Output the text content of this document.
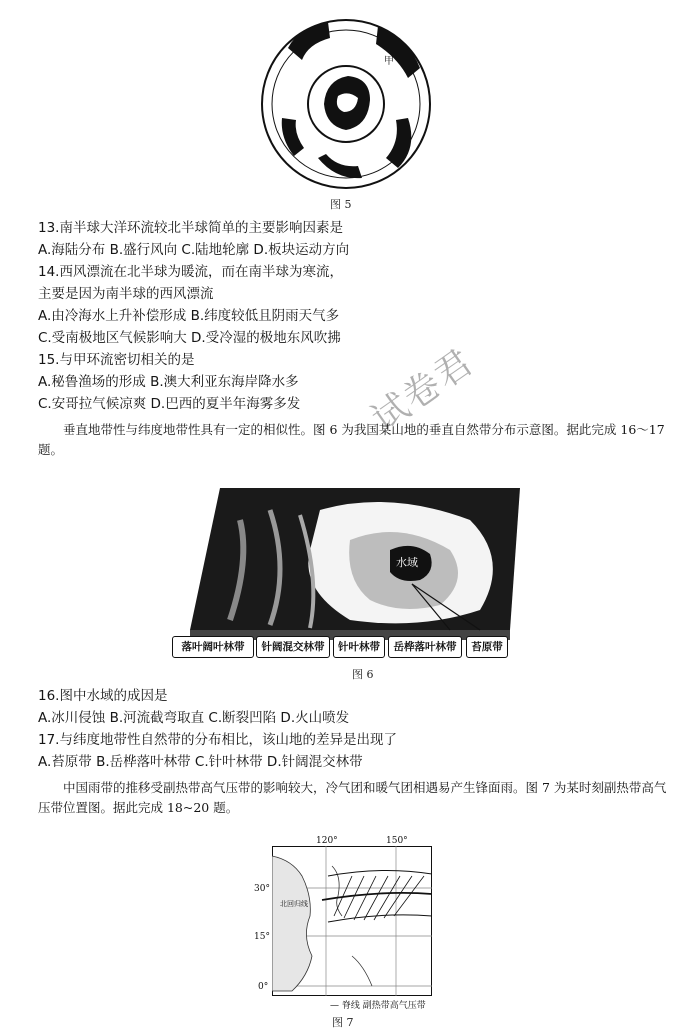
甲
图 5
13.南半球大洋环流较北半球简单的主要影响因素是
A.海陆分布 B.盛行风向 C.陆地轮廓 D.板块运动方向
14.西风漂流在北半球为暖流，而在南半球为寒流，
主要是因为南半球的西风漂流
A.由冷海水上升补偿形成 B.纬度较低且阴雨天气多
C.受南极地区气候影响大 D.受冷湿的极地东风吹拂
15.与甲环流密切相关的是
A.秘鲁渔场的形成 B.澳大利亚东海岸降水多
C.安哥拉气候凉爽 D.巴西的夏半年海雾多发
垂直地带性与纬度地带性具有一定的相似性。图 6 为我国某山地的垂直自然带分布示意图。据此完成 16～17 题。
水域
落叶阔叶林带	针阔混交林带	针叶林带	岳桦落叶林带	苔原带
图 6
16.图中水域的成因是
A.冰川侵蚀 B.河流截弯取直 C.断裂凹陷 D.火山喷发
17.与纬度地带性自然带的分布相比，该山地的差异是出现了
A.苔原带 B.岳桦落叶林带 C.针叶林带 D.针阔混交林带
中国雨带的推移受副热带高气压带的影响较大，冷气团和暖气团相遇易产生锋面雨。图 7 为某时刻副热带高气压带位置图。据此完成 18~20 题。
北回归线
120°	150°
30°
15°
0°
— 脊线 副热带高气压带
图 7
试卷君
